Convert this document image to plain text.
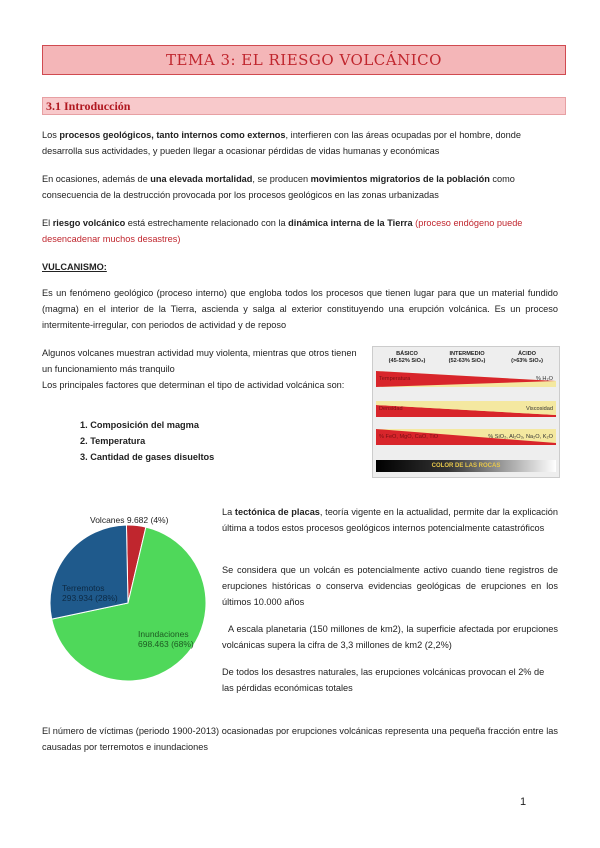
TEMA 3: EL RIESGO VOLCÁNICO
3.1 Introducción
Los procesos geológicos, tanto internos como externos, interfieren con las áreas ocupadas por el hombre, donde desarrolla sus actividades, y pueden llegar a ocasionar pérdidas de vidas humanas y económicas
En ocasiones, además de una elevada mortalidad, se producen movimientos migratorios de la población como consecuencia de la destrucción provocada por los procesos geológicos en las zonas urbanizadas
El riesgo volcánico está estrechamente relacionado con la dinámica interna de la Tierra (proceso endógeno puede desencadenar muchos desastres)
VULCANISMO:
Es un fenómeno geológico (proceso interno) que engloba todos los procesos que tienen lugar para que un material fundido (magma) en el interior de la Tierra, ascienda y salga al exterior constituyendo una erupción volcánica. Es un proceso intermitente-irregular, con periodos de actividad y de reposo
Algunos volcanes muestran actividad muy violenta, mientras que otros tienen un funcionamiento más tranquilo
Los principales factores que determinan el tipo de actividad volcánica son:
1. Composición del magma
2. Temperatura
3. Cantidad de gases disueltos
BÁSICO
(45-52% SiO₂)
INTERMEDIO
(52-63% SiO₂)
ÁCIDO
(>63% SiO₂)
Temperatura	% H₂O
Densidad	Viscosidad
% FeO, MgO, CaO, TiO	% SiO₂, Al₂O₃, Na₂O, K₂O
COLOR DE LAS ROCAS
Volcanes 9.682 (4%)
Terremotos 293.934 (28%)
Inundaciones 698.463 (68%)
La tectónica de placas, teoría vigente en la actualidad, permite dar la explicación última a todos estos procesos geológicos internos potencialmente catastróficos
Se considera que un volcán es potencialmente activo cuando tiene registros de erupciones históricas o conserva evidencias geológicas de erupciones en los últimos 10.000 años
A escala planetaria (150 millones de km2), la superficie afectada por erupciones volcánicas supera la cifra de 3,3 millones de km2 (2,2%)
De todos los desastres naturales, las erupciones volcánicas provocan el 2% de las pérdidas económicas totales
El número de víctimas (periodo 1900-2013) ocasionadas por erupciones volcánicas representa una pequeña fracción entre las causadas por terremotos e inundaciones
1
